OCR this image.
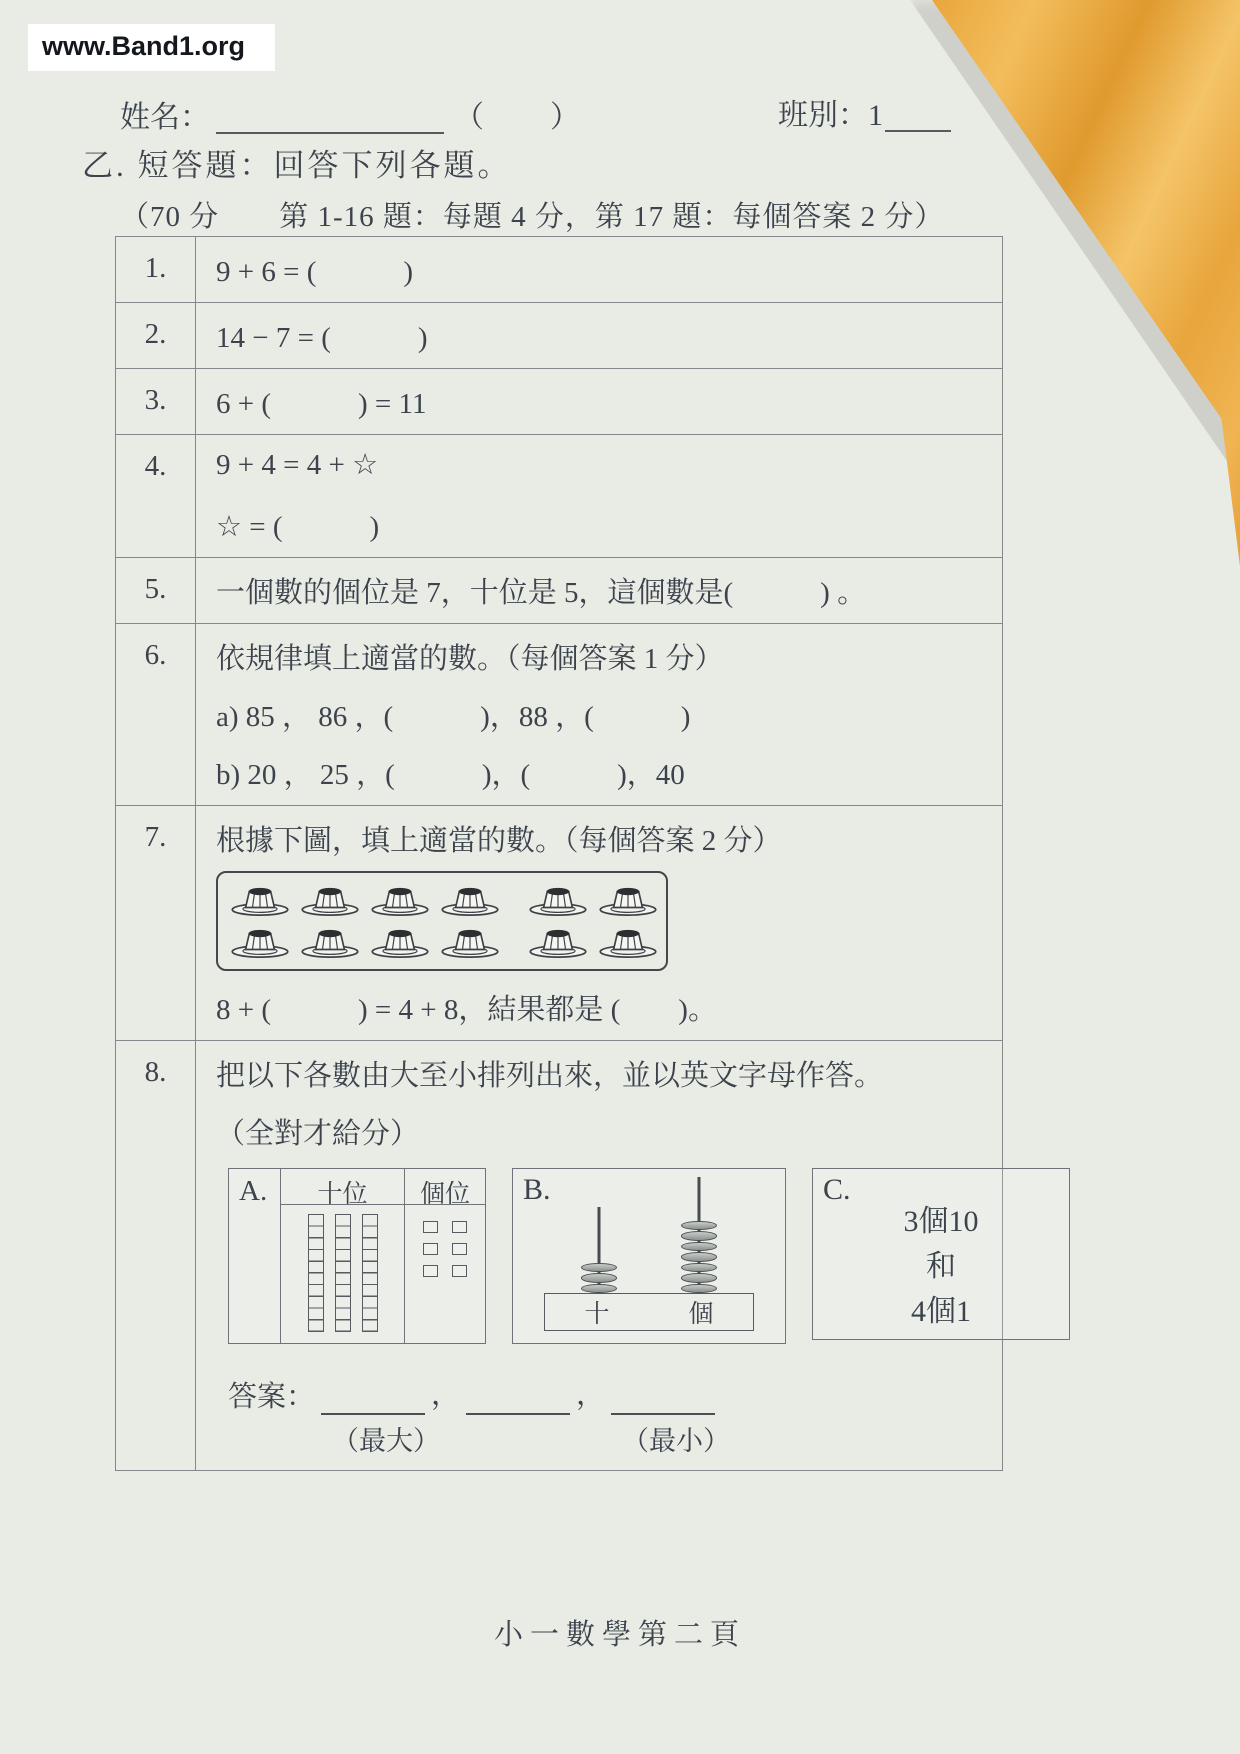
www.Band1.org
姓名：	（　　）	班別：1
乙. 短答題：回答下列各題。
（70 分　　第 1-16 題：每題 4 分，第 17 題：每個答案 2 分）
1.	9 + 6 = (　　　)
2.	14 − 7 = (　　　)
3.	6 + (　　　) = 11
4.	9 + 4 = 4 + ☆
☆ = (　　　)
5.	一個數的個位是 7，十位是 5，這個數是(　　　) 。
6.	依規律填上適當的數。（每個答案 1 分）
a) 85 ， 86 ，(　　　)，88 ，(　　　)
b) 20 ， 25 ，(　　　)，(　　　)，40
7.	根據下圖，填上適當的數。（每個答案 2 分）
8 + (　　　) = 4 + 8，結果都是 (　　)。
8.	把以下各數由大至小排列出來，並以英文字母作答。
（全對才給分）
A.	十位	個位	B.
十	個
C.
3個10
和
4個1
答案：	，	，
（最大）	（最小）
小一數學第二頁
